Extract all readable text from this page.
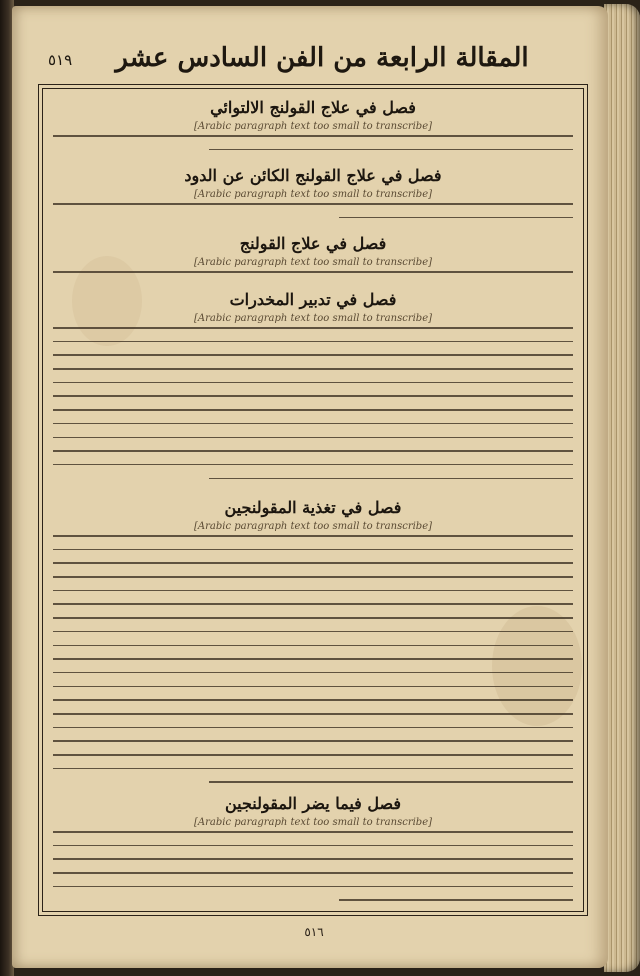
المقالة الرابعة من الفن السادس عشر
٥١٩
فصل في علاج القولنج الالتوائي
[Arabic paragraph text too small to transcribe]
فصل في علاج القولنج الكائن عن الدود
[Arabic paragraph text too small to transcribe]
فصل في علاج القولنج
[Arabic paragraph text too small to transcribe]
فصل في تدبير المخدرات
[Arabic paragraph text too small to transcribe]
فصل في تغذية المقولنجين
[Arabic paragraph text too small to transcribe]
فصل فيما يضر المقولنجين
[Arabic paragraph text too small to transcribe]
٥١٦
